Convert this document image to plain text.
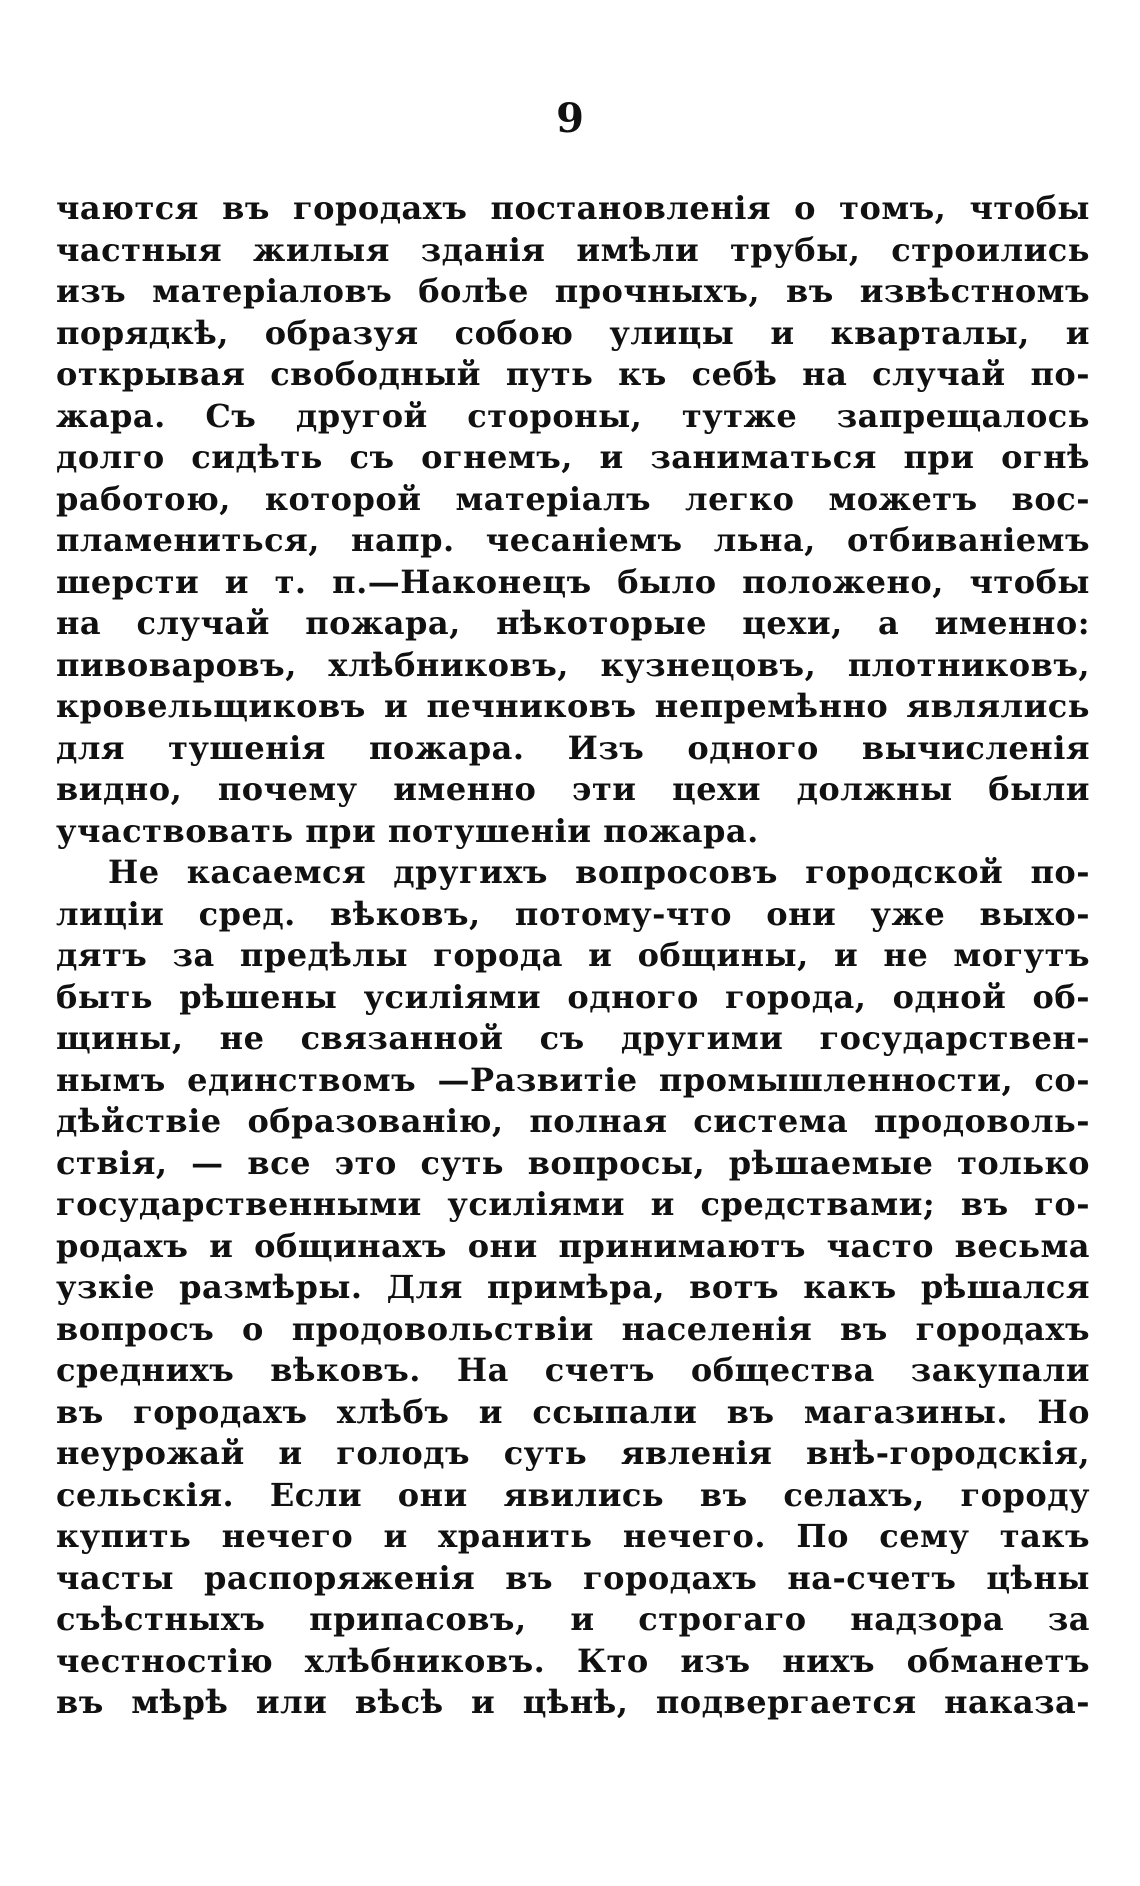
9
чаются въ городахъ постановленія о томъ, чтобы
частныя жилыя зданія имѣли трубы, строились
изъ матеріаловъ болѣе прочныхъ, въ извѣстномъ
порядкѣ, образуя собою улицы и кварталы, и
открывая свободный путь къ себѣ на случай по-
жара. Съ другой стороны, тутже запрещалось
долго сидѣть съ огнемъ, и заниматься при огнѣ
работою, которой матеріалъ легко можетъ вос-
пламениться, напр. чесаніемъ льна, отбиваніемъ
шерсти и т. п.—Наконецъ было положено, чтобы
на случай пожара, нѣкоторые цехи, а именно:
пивоваровъ, хлѣбниковъ, кузнецовъ, плотниковъ,
кровельщиковъ и печниковъ непремѣнно являлись
для тушенія пожара. Изъ одного вычисленія
видно, почему именно эти цехи должны были
участвовать при потушеніи пожара.
Не касаемся другихъ вопросовъ городской по-
лиціи сред. вѣковъ, потому-что они уже выхо-
дятъ за предѣлы города и общины, и не могутъ
быть рѣшены усиліями одного города, одной об-
щины, не связанной съ другими государствен-
нымъ единствомъ —Развитіе промышленности, со-
дѣйствіе образованію, полная система продоволь-
ствія, — все это суть вопросы, рѣшаемые только
государственными усиліями и средствами; въ го-
родахъ и общинахъ они принимаютъ часто весьма
узкіе размѣры. Для примѣра, вотъ какъ рѣшался
вопросъ о продовольствіи населенія въ городахъ
среднихъ вѣковъ. На счетъ общества закупали
въ городахъ хлѣбъ и ссыпали въ магазины. Но
неурожай и голодъ суть явленія внѣ-городскія,
сельскія. Если они явились въ селахъ, городу
купить нечего и хранить нечего. По сему такъ
часты распоряженія въ городахъ на-счетъ цѣны
съѣстныхъ припасовъ, и строгаго надзора за
честностію хлѣбниковъ. Кто изъ нихъ обманетъ
въ мѣрѣ или вѣсѣ и цѣнѣ, подвергается наказа-
